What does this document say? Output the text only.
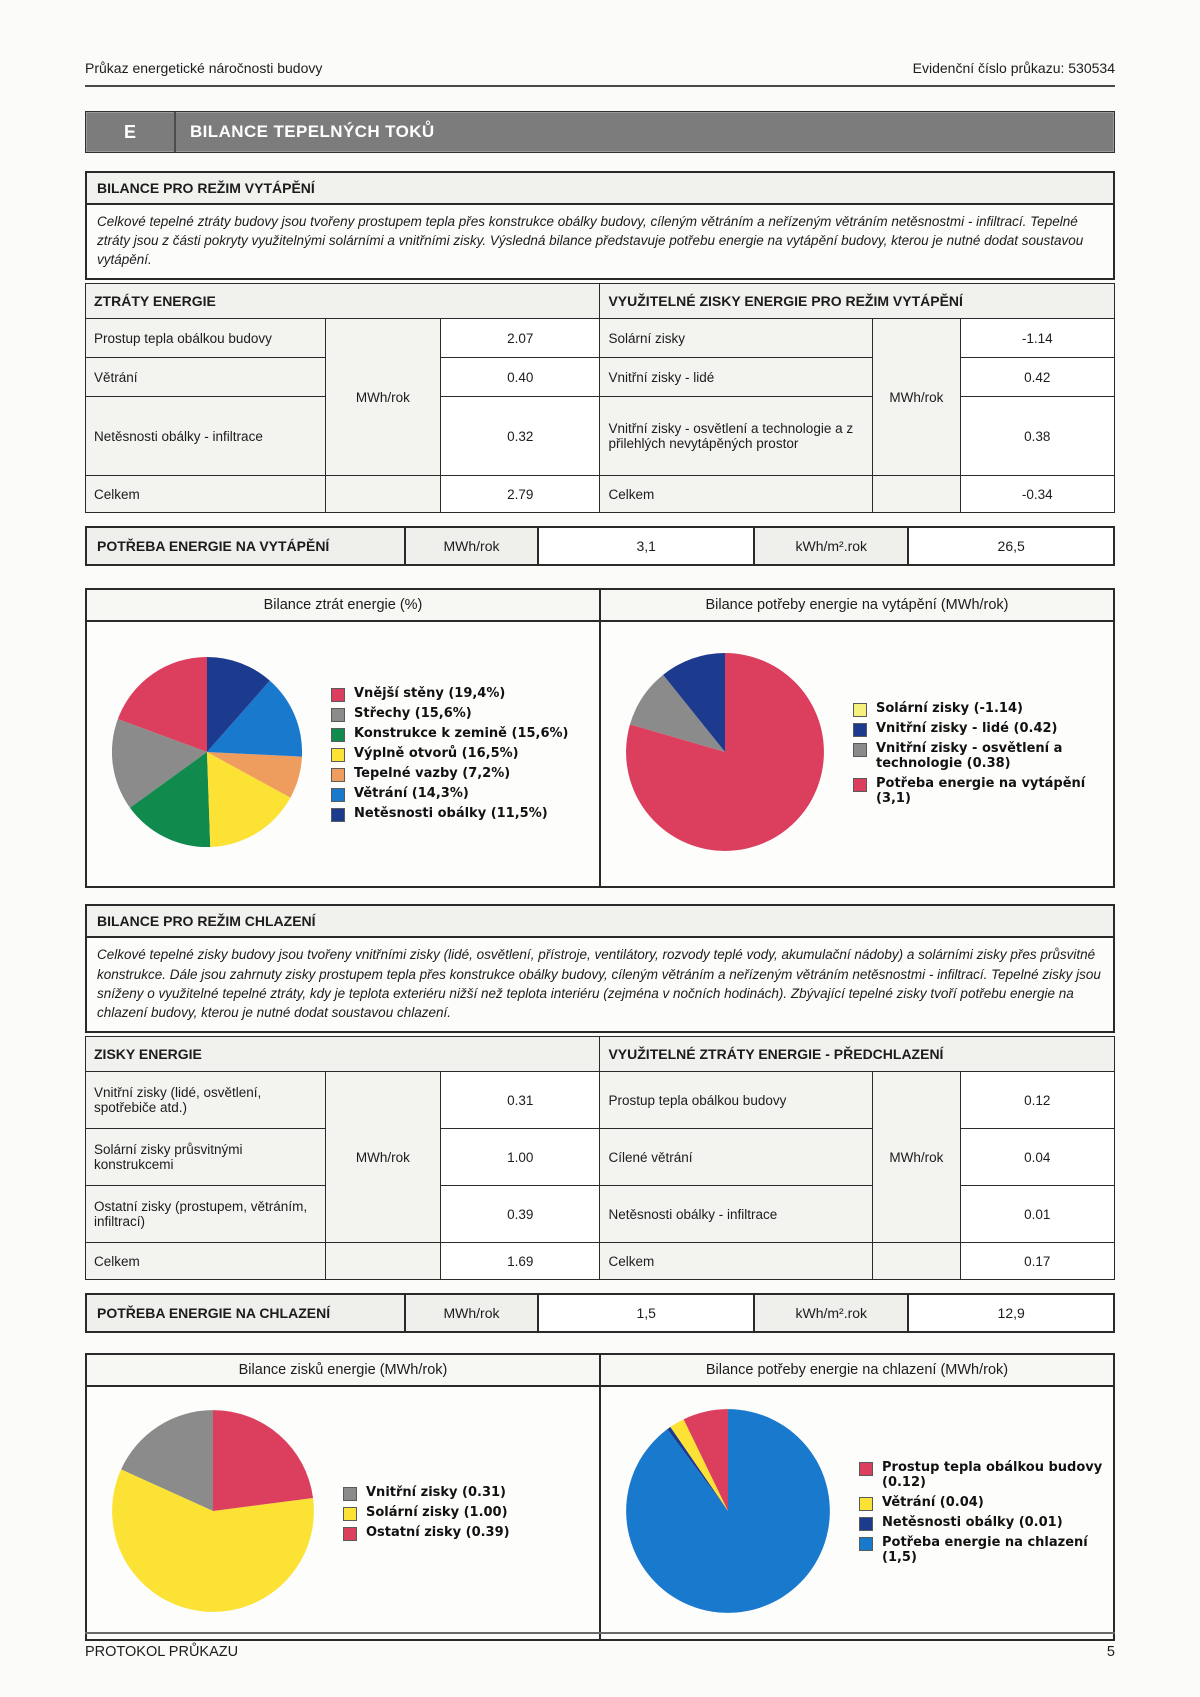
Průkaz energetické náročnosti budovy	Evidenční číslo průkazu: 530534
E	BILANCE TEPELNÝCH TOKŮ
BILANCE PRO REŽIM VYTÁPĚNÍ
Celkové tepelné ztráty budovy jsou tvořeny prostupem tepla přes konstrukce obálky budovy, cíleným větráním a neřízeným větráním netěsnostmi - infiltrací. Tepelné ztráty jsou z části pokryty využitelnými solárními a vnitřními zisky. Výsledná bilance představuje potřebu energie na vytápění budovy, kterou je nutné dodat soustavou vytápění.
ZTRÁTY ENERGIE			VYUŽITELNÉ ZISKY ENERGIE PRO REŽIM VYTÁPĚNÍ		
Prostup tepla obálkou budovy	MWh/rok	2.07	Solární zisky	MWh/rok	-1.14
Větrání		0.40	Vnitřní zisky - lidé		0.42
Netěsnosti obálky - infiltrace		0.32	Vnitřní zisky - osvětlení a technologie a z přilehlých nevytápěných prostor		0.38
Celkem		2.79	Celkem		-0.34
POTŘEBA ENERGIE NA VYTÁPĚNÍ	MWh/rok	3,1	kWh/m².rok	26,5
Bilance ztrát energie (%)
Vnější stěny (19,4%)
Střechy (15,6%)
Konstrukce k zemině (15,6%)
Výplně otvorů (16,5%)
Tepelné vazby (7,2%)
Větrání (14,3%)
Netěsnosti obálky (11,5%)
Bilance potřeby energie na vytápění (MWh/rok)
Solární zisky (-1.14)
Vnitřní zisky - lidé (0.42)
Vnitřní zisky - osvětlení a technologie (0.38)
Potřeba energie na vytápění (3,1)
BILANCE PRO REŽIM CHLAZENÍ
Celkové tepelné zisky budovy jsou tvořeny vnitřními zisky (lidé, osvětlení, přístroje, ventilátory, rozvody teplé vody, akumulační nádoby) a solárními zisky přes průsvitné konstrukce. Dále jsou zahrnuty zisky prostupem tepla přes konstrukce obálky budovy, cíleným větráním a neřízeným větráním netěsnostmi - infiltrací. Tepelné zisky jsou sníženy o využitelné tepelné ztráty, kdy je teplota exteriéru nižší než teplota interiéru (zejména v nočních hodinách). Zbývající tepelné zisky tvoří potřebu energie na chlazení budovy, kterou je nutné dodat soustavou chlazení.
ZISKY ENERGIE			VYUŽITELNÉ ZTRÁTY ENERGIE - PŘEDCHLAZENÍ		
Vnitřní zisky (lidé, osvětlení, spotřebiče atd.)	MWh/rok	0.31	Prostup tepla obálkou budovy	MWh/rok	0.12
Solární zisky průsvitnými konstrukcemi		1.00	Cílené větrání		0.04
Ostatní zisky (prostupem, větráním, infiltrací)		0.39	Netěsnosti obálky - infiltrace		0.01
Celkem		1.69	Celkem		0.17
POTŘEBA ENERGIE NA CHLAZENÍ	MWh/rok	1,5	kWh/m².rok	12,9
Bilance zisků energie (MWh/rok)
Vnitřní zisky (0.31)
Solární zisky (1.00)
Ostatní zisky (0.39)
Bilance potřeby energie na chlazení (MWh/rok)
Prostup tepla obálkou budovy (0.12)
Větrání (0.04)
Netěsnosti obálky (0.01)
Potřeba energie na chlazení (1,5)
PROTOKOL PRŮKAZU	5
